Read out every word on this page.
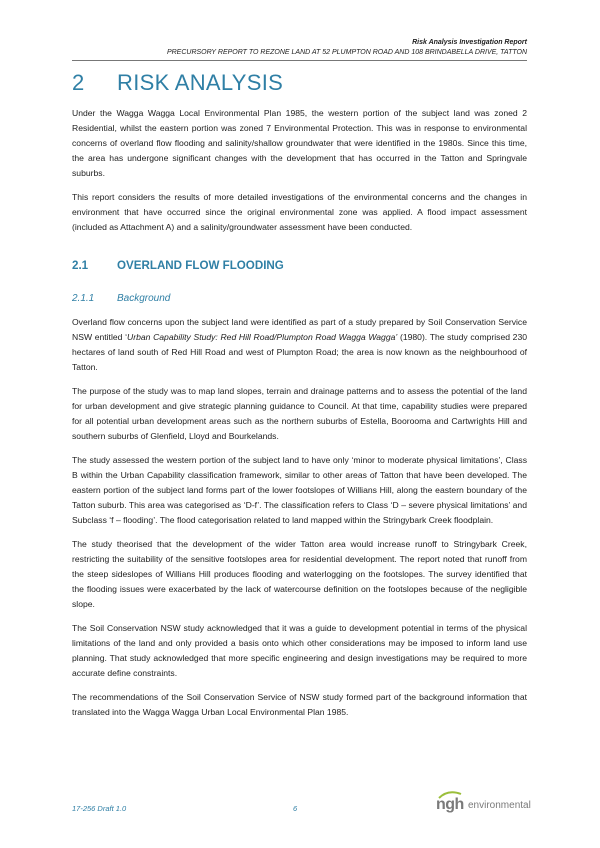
Risk Analysis Investigation Report
PRECURSORY REPORT TO REZONE LAND AT 52 PLUMPTON ROAD AND 108 BRINDABELLA DRIVE, TATTON
2 RISK ANALYSIS

Under the Wagga Wagga Local Environmental Plan 1985, the western portion of the subject land was zoned 2 Residential, whilst the eastern portion was zoned 7 Environmental Protection. This was in response to environmental concerns of overland flow flooding and salinity/shallow groundwater that were identified in the 1980s. Since this time, the area has undergone significant changes with the development that has occurred in the Tatton and Springvale suburbs.

This report considers the results of more detailed investigations of the environmental concerns and the changes in environment that have occurred since the original environmental zone was applied. A flood impact assessment (included as Attachment A) and a salinity/groundwater assessment have been conducted.

2.1 OVERLAND FLOW FLOODING
2.1.1 Background

Overland flow concerns upon the subject land were identified as part of a study prepared by Soil Conservation Service NSW entitled ‘Urban Capability Study: Red Hill Road/Plumpton Road Wagga Wagga’ (1980). The study comprised 230 hectares of land south of Red Hill Road and west of Plumpton Road; the area is now known as the neighbourhood of Tatton.

The purpose of the study was to map land slopes, terrain and drainage patterns and to assess the potential of the land for urban development and give strategic planning guidance to Council. At that time, capability studies were prepared for all potential urban development areas such as the northern suburbs of Estella, Boorooma and Cartwrights Hill and southern suburbs of Glenfield, Lloyd and Bourkelands.

The study assessed the western portion of the subject land to have only ‘minor to moderate physical limitations’, Class B within the Urban Capability classification framework, similar to other areas of Tatton that have been developed. The eastern portion of the subject land forms part of the lower footslopes of Willians Hill, along the eastern boundary of the Tatton suburb. This area was categorised as ‘D-f’. The classification refers to Class ‘D – severe physical limitations’ and Subclass ‘f – flooding’. The flood categorisation related to land mapped within the Stringybark Creek floodplain.

The study theorised that the development of the wider Tatton area would increase runoff to Stringybark Creek, restricting the suitability of the sensitive footslopes area for residential development. The report noted that runoff from the steep sideslopes of Willians Hill produces flooding and waterlogging on the footslopes. The survey identified that the flooding issues were exacerbated by the lack of watercourse definition on the footslopes because of the negligible slope.

The Soil Conservation NSW study acknowledged that it was a guide to development potential in terms of the physical limitations of the land and only provided a basis onto which other considerations may be imposed to inform land use planning. That study acknowledged that more specific engineering and design investigations may be required to more accurate define constraints.

The recommendations of the Soil Conservation Service of NSW study formed part of the background information that translated into the Wagga Wagga Urban Local Environmental Plan 1985.

17-256 Draft 1.0	6	ngh environmental
